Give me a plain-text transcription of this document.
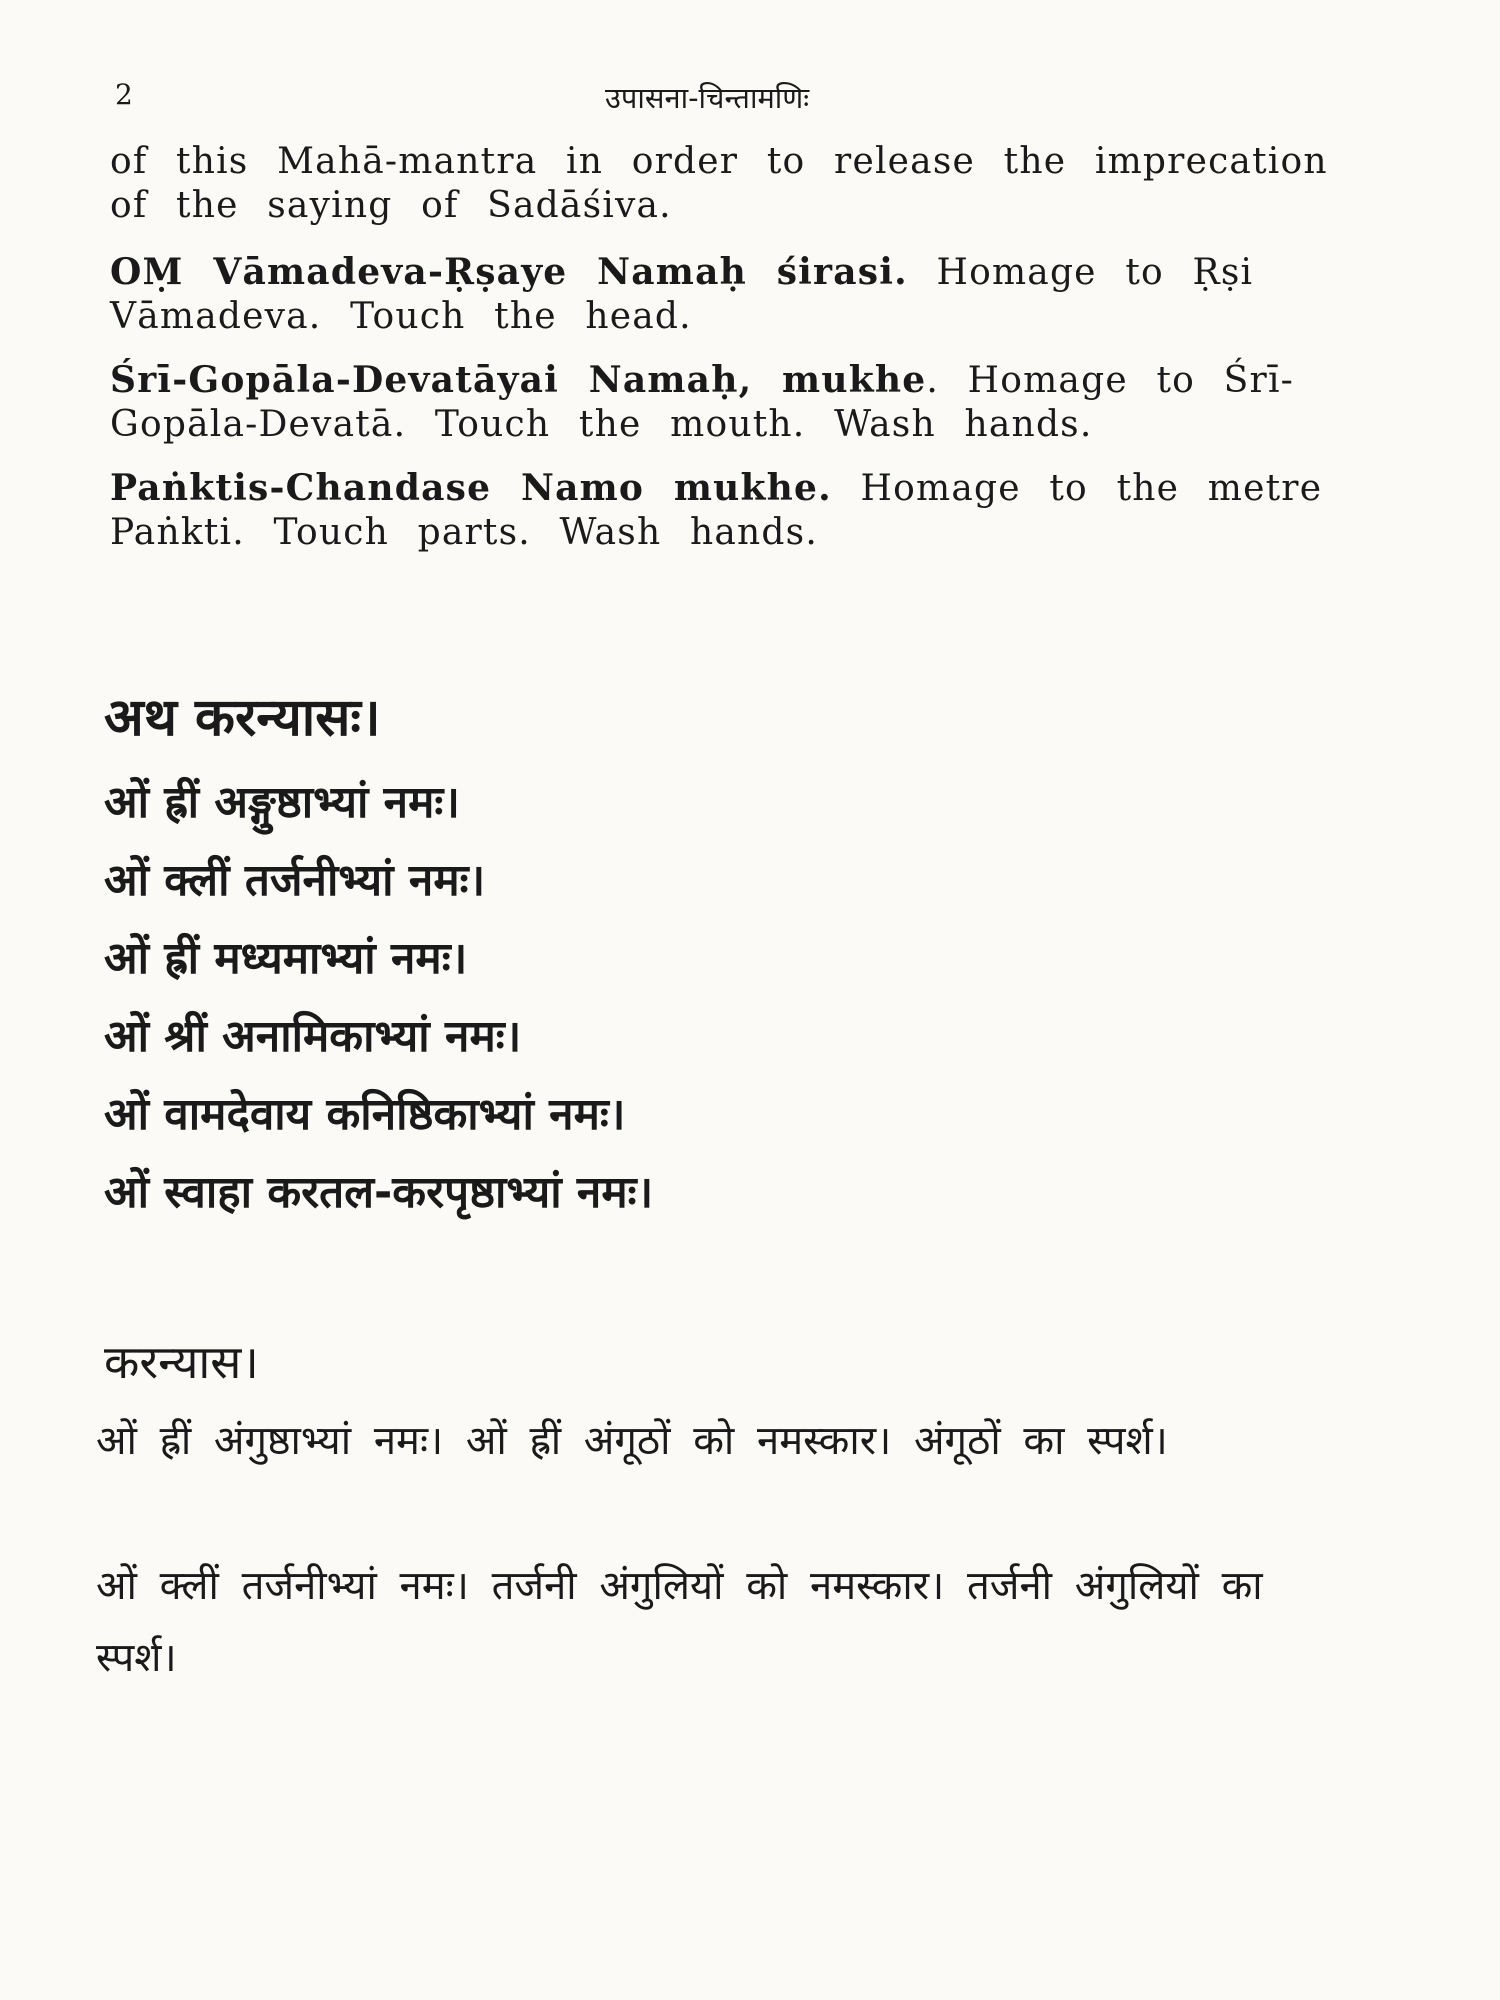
2	उपासना-चिन्तामणिः

of this Mahā-mantra in order to release the imprecation of the saying of Sadāśiva.

OṂ Vāmadeva-Ṛṣaye Namaḥ śirasi. Homage to Ṛṣi Vāmadeva. Touch the head.

Śrī-Gopāla-Devatāyai Namaḥ, mukhe. Homage to Śrī-Gopāla-Devatā. Touch the mouth. Wash hands.

Paṅktis-Chandase Namo mukhe. Homage to the metre Paṅkti. Touch parts. Wash hands.

अथ करन्यासः।
ओं ह्रीं अङ्गुष्ठाभ्यां नमः।
ओं क्लीं तर्जनीभ्यां नमः।
ओं ह्रीं मध्यमाभ्यां नमः।
ओं श्रीं अनामिकाभ्यां नमः।
ओं वामदेवाय कनिष्ठिकाभ्यां नमः।
ओं स्वाहा करतल-करपृष्ठाभ्यां नमः।
करन्यास।
ओं ह्रीं अंगुष्ठाभ्यां नमः। ओं ह्रीं अंगूठों को नमस्कार। अंगूठों का स्पर्श।
ओं क्लीं तर्जनीभ्यां नमः। तर्जनी अंगुलियों को नमस्कार। तर्जनी अंगुलियों का स्पर्श।
